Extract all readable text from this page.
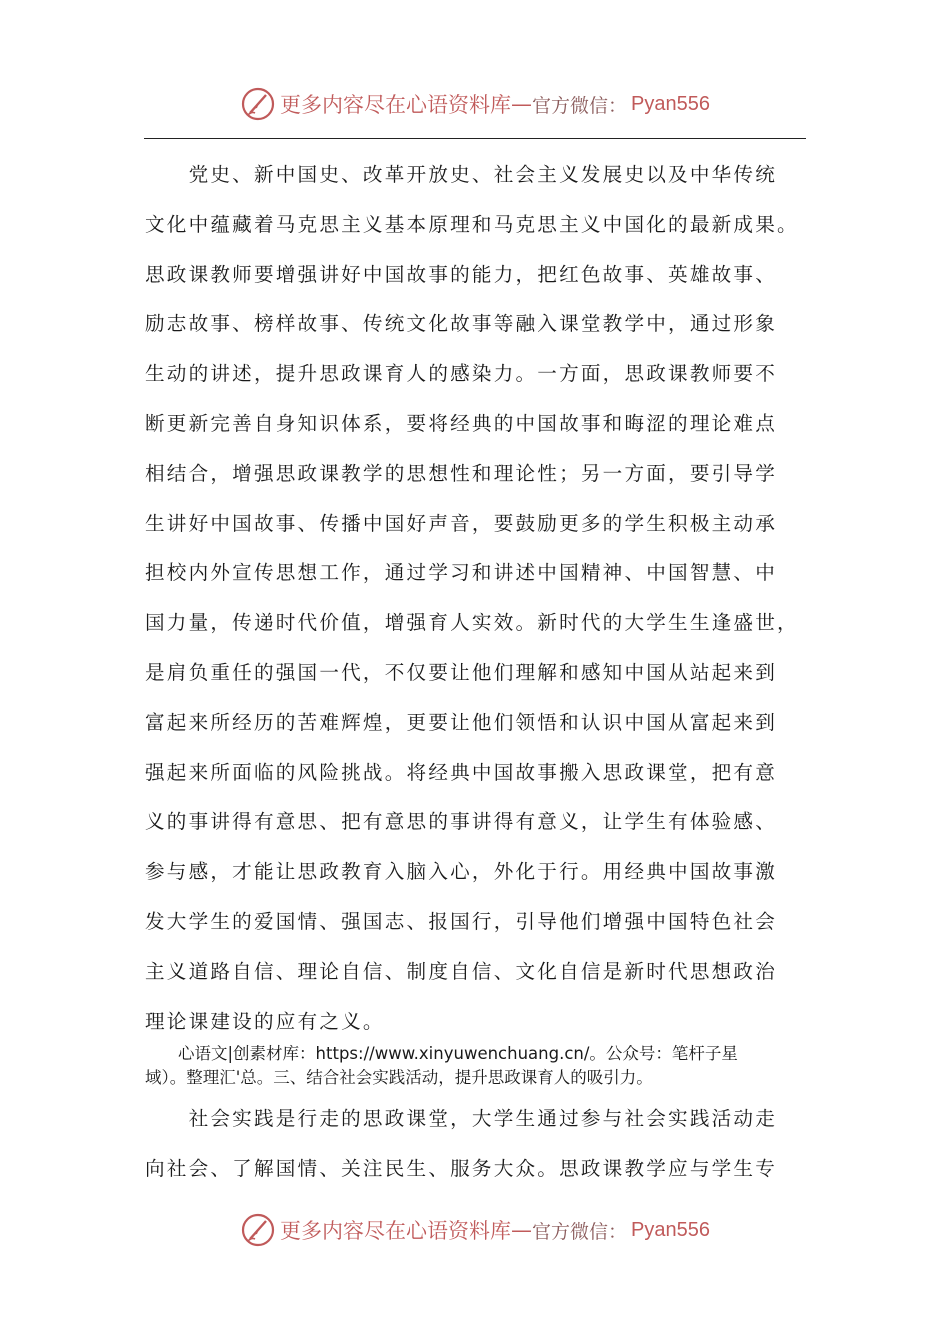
更多内容尽在心语资料库 — 官方微信： Pyan556
　　党史、新中国史、改革开放史、社会主义发展史以及中华传统
文化中蕴藏着马克思主义基本原理和马克思主义中国化的最新成果。
思政课教师要增强讲好中国故事的能力，把红色故事、英雄故事、
励志故事、榜样故事、传统文化故事等融入课堂教学中，通过形象
生动的讲述，提升思政课育人的感染力。一方面，思政课教师要不
断更新完善自身知识体系，要将经典的中国故事和晦涩的理论难点
相结合，增强思政课教学的思想性和理论性；另一方面，要引导学
生讲好中国故事、传播中国好声音，要鼓励更多的学生积极主动承
担校内外宣传思想工作，通过学习和讲述中国精神、中国智慧、中
国力量，传递时代价值，增强育人实效。新时代的大学生生逢盛世，
是肩负重任的强国一代，不仅要让他们理解和感知中国从站起来到
富起来所经历的苦难辉煌，更要让他们领悟和认识中国从富起来到
强起来所面临的风险挑战。将经典中国故事搬入思政课堂，把有意
义的事讲得有意思、把有意思的事讲得有意义，让学生有体验感、
参与感，才能让思政教育入脑入心，外化于行。用经典中国故事激
发大学生的爱国情、强国志、报国行，引导他们增强中国特色社会
主义道路自信、理论自信、制度自信、文化自信是新时代思想政治
理论课建设的应有之义。
　　心语文|创素材库：https://www.xinyuwenchuang.cn/。公众号：笔杆子星
域）。整理汇'总。三、结合社会实践活动，提升思政课育人的吸引力。
　　社会实践是行走的思政课堂，大学生通过参与社会实践活动走
向社会、了解国情、关注民生、服务大众。思政课教学应与学生专
更多内容尽在心语资料库 — 官方微信： Pyan556
